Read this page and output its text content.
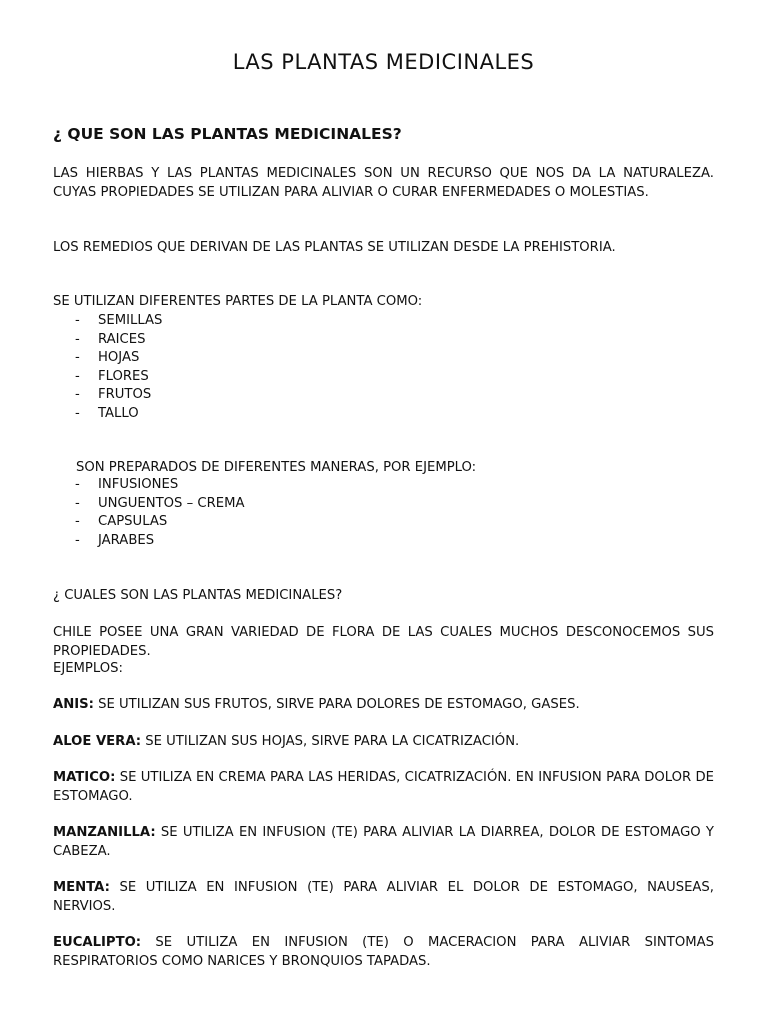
LAS PLANTAS MEDICINALES
¿ QUE SON LAS PLANTAS MEDICINALES?

LAS HIERBAS Y LAS PLANTAS MEDICINALES SON UN RECURSO QUE NOS DA LA NATURALEZA. CUYAS PROPIEDADES SE UTILIZAN PARA ALIVIAR O CURAR ENFERMEDADES O MOLESTIAS.

LOS REMEDIOS QUE DERIVAN DE LAS PLANTAS SE UTILIZAN DESDE LA PREHISTORIA.

SE UTILIZAN DIFERENTES PARTES DE LA PLANTA COMO:

- SEMILLAS
- RAICES
- HOJAS
- FLORES
- FRUTOS
- TALLO

SON PREPARADOS DE DIFERENTES MANERAS, POR EJEMPLO:

- INFUSIONES
- UNGUENTOS – CREMA
- CAPSULAS
- JARABES

¿ CUALES SON LAS PLANTAS MEDICINALES?

CHILE POSEE UNA GRAN VARIEDAD DE FLORA DE LAS CUALES MUCHOS DESCONOCEMOS SUS PROPIEDADES.

EJEMPLOS:

ANIS: SE UTILIZAN SUS FRUTOS, SIRVE PARA DOLORES DE ESTOMAGO, GASES.

ALOE VERA: SE UTILIZAN SUS HOJAS, SIRVE PARA LA CICATRIZACIÓN.

MATICO: SE UTILIZA EN CREMA PARA LAS HERIDAS, CICATRIZACIÓN. EN INFUSION PARA DOLOR DE ESTOMAGO.

MANZANILLA: SE UTILIZA EN INFUSION (TE) PARA ALIVIAR LA DIARREA, DOLOR DE ESTOMAGO Y CABEZA.

MENTA: SE UTILIZA EN INFUSION (TE) PARA ALIVIAR EL DOLOR DE ESTOMAGO, NAUSEAS, NERVIOS.

EUCALIPTO: SE UTILIZA EN INFUSION (TE) O MACERACION PARA ALIVIAR SINTOMAS RESPIRATORIOS COMO NARICES Y BRONQUIOS TAPADAS.
